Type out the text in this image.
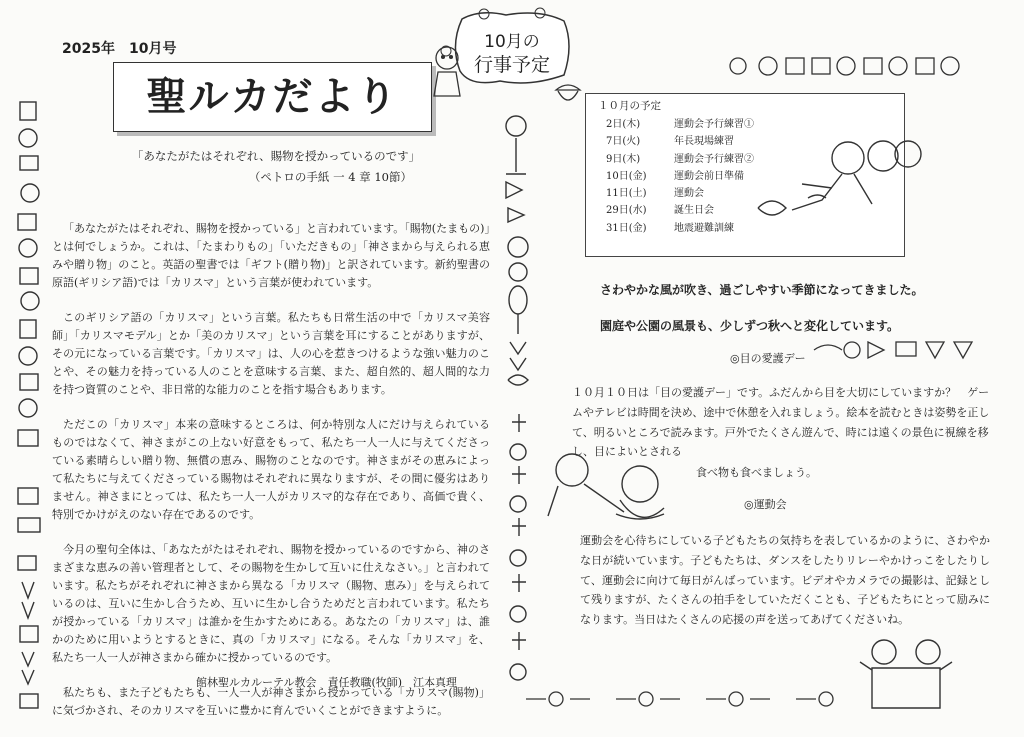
2025年　10月号
聖ルカだより
「あなたがたはそれぞれ、賜物を授かっているのです」
（ペトロの手紙 一 4 章 10節）

「あなたがたはそれぞれ、賜物を授かっている」と言われています。「賜物(たまもの)」とは何でしょうか。これは、「たまわりもの」「いただきもの」「神さまから与えられる恵みや贈り物」のこと。英語の聖書では「ギフト(贈り物)」と訳されています。新約聖書の原語(ギリシア語)では「カリスマ」という言葉が使われています。

このギリシア語の「カリスマ」という言葉。私たちも日常生活の中で「カリスマ美容師」「カリスマモデル」とか「美のカリスマ」という言葉を耳にすることがありますが、その元になっている言葉です。「カリスマ」は、人の心を惹きつけるような強い魅力のことや、その魅力を持っている人のことを意味する言葉、また、超自然的、超人間的な力を持つ資質のことや、非日常的な能力のことを指す場合もあります。

ただこの「カリスマ」本来の意味するところは、何か特別な人にだけ与えられているものではなくて、神さまがこの上ない好意をもって、私たち一人一人に与えてくださっている素晴らしい贈り物、無償の恵み、賜物のことなのです。神さまがその恵みによって私たちに与えてくださっている賜物はそれぞれに異なりますが、その間に優劣はありません。神さまにとっては、私たち一人一人がカリスマ的な存在であり、高価で貴く、特別でかけがえのない存在であるのです。

今月の聖句全体は、「あなたがたはそれぞれ、賜物を授かっているのですから、神のさまざまな恵みの善い管理者として、その賜物を生かして互いに仕えなさい。」と言われています。私たちがそれぞれに神さまから異なる「カリスマ（賜物、恵み）」を与えられているのは、互いに生かし合うため、互いに生かし合うためだと言われています。私たちが授かっている「カリスマ」は誰かを生かすためにある。あなたの「カリスマ」は、誰かのために用いようとするときに、真の「カリスマ」になる。そんな「カリスマ」を、私たち一人一人が神さまから確かに授かっているのです。

私たちも、また子どもたちも、一人一人が神さまから授かっている「カリスマ(賜物)」に気づかされ、そのカリスマを互いに豊かに育んでいくことができますように。

館林聖ルカルーテル教会　責任教職(牧師)　江本真理
10月の
行事予定
１０月の予定
2日(木)	運動会予行練習①
7日(火)	年長現場練習
9日(木)	運動会予行練習②
10日(金)	運動会前日準備
11日(土)	運動会
29日(水)	誕生日会
31日(金)	地震避難訓練
さわやかな風が吹き、過ごしやすい季節になってきました。
園庭や公園の風景も、少しずつ秋へと変化しています。
◎目の愛護デー
１０月１０日は「目の愛護デー」です。ふだんから目を大切にしていますか？　ゲームやテレビは時間を決め、途中で休憩を入れましょう。絵本を読むときは姿勢を正して、明るいところで読みます。戸外でたくさん遊んで、時には遠くの景色に視線を移し、目によいとされる
食べ物も食べましょう。
◎運動会
運動会を心待ちにしている子どもたちの気持ちを表しているかのように、さわやかな日が続いています。子どもたちは、ダンスをしたりリレーやかけっこをしたりして、運動会に向けて毎日がんばっています。ビデオやカメラでの撮影は、記録として残りますが、たくさんの拍手をしていただくことも、子どもたちにとって励みになります。当日はたくさんの応援の声を送ってあげてくださいね。
